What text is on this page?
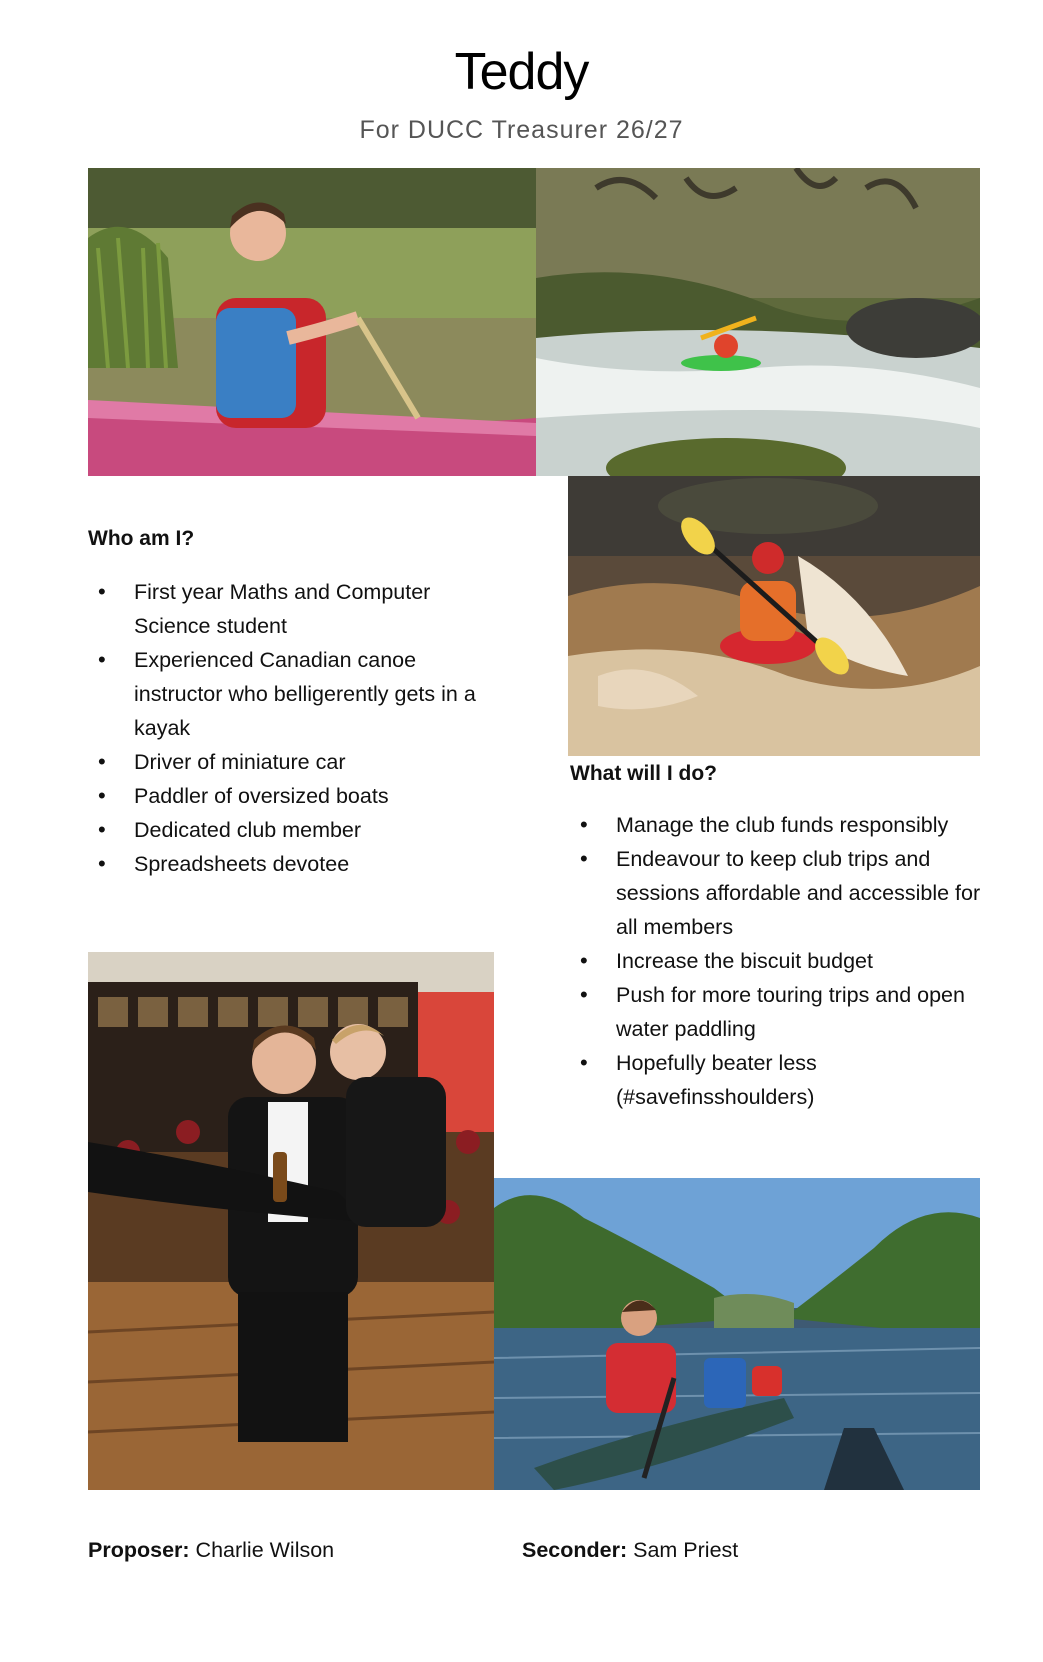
Teddy
For DUCC Treasurer 26/27
Who am I?
• First year Maths and Computer Science student
• Experienced Canadian canoe instructor who belligerently gets in a kayak
• Driver of miniature car
• Paddler of oversized boats
• Dedicated club member
• Spreadsheets devotee
What will I do?
• Manage the club funds responsibly
• Endeavour to keep club trips and sessions affordable and accessible for all members
• Increase the biscuit budget
• Push for more touring trips and open water paddling
• Hopefully beater less (#savefinsshoulders)
Proposer: Charlie Wilson	Seconder: Sam Priest
